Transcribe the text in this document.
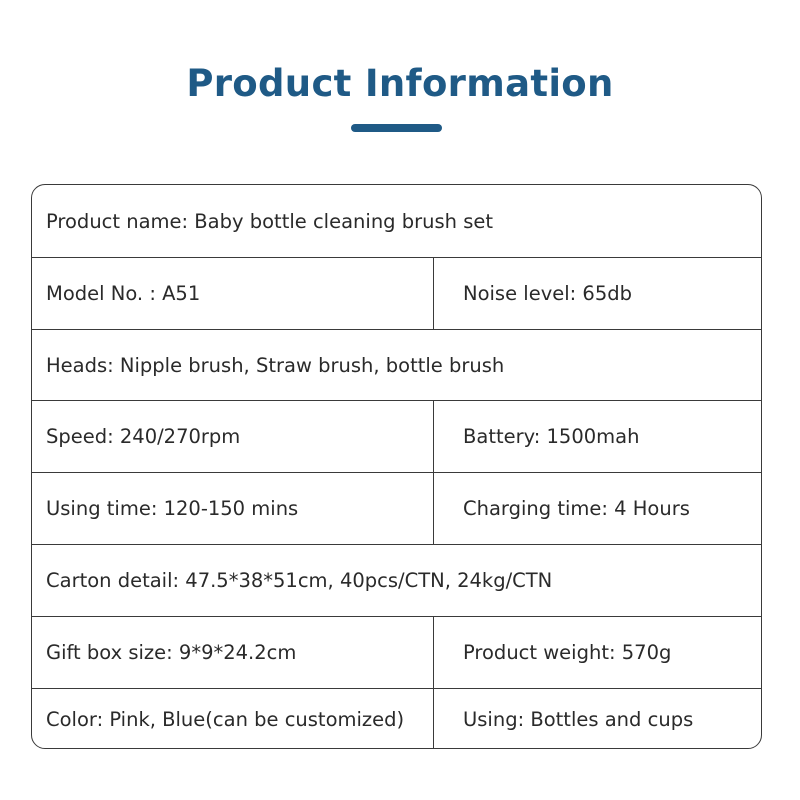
Product Information
Product name: Baby bottle cleaning brush set
Model No. : A51	Noise level: 65db
Heads: Nipple brush, Straw brush, bottle brush
Speed: 240/270rpm	Battery: 1500mah
Using time: 120-150 mins	Charging time: 4 Hours
Carton detail: 47.5*38*51cm, 40pcs/CTN, 24kg/CTN
Gift box size: 9*9*24.2cm	Product weight: 570g
Color: Pink, Blue(can be customized)	Using: Bottles and cups
